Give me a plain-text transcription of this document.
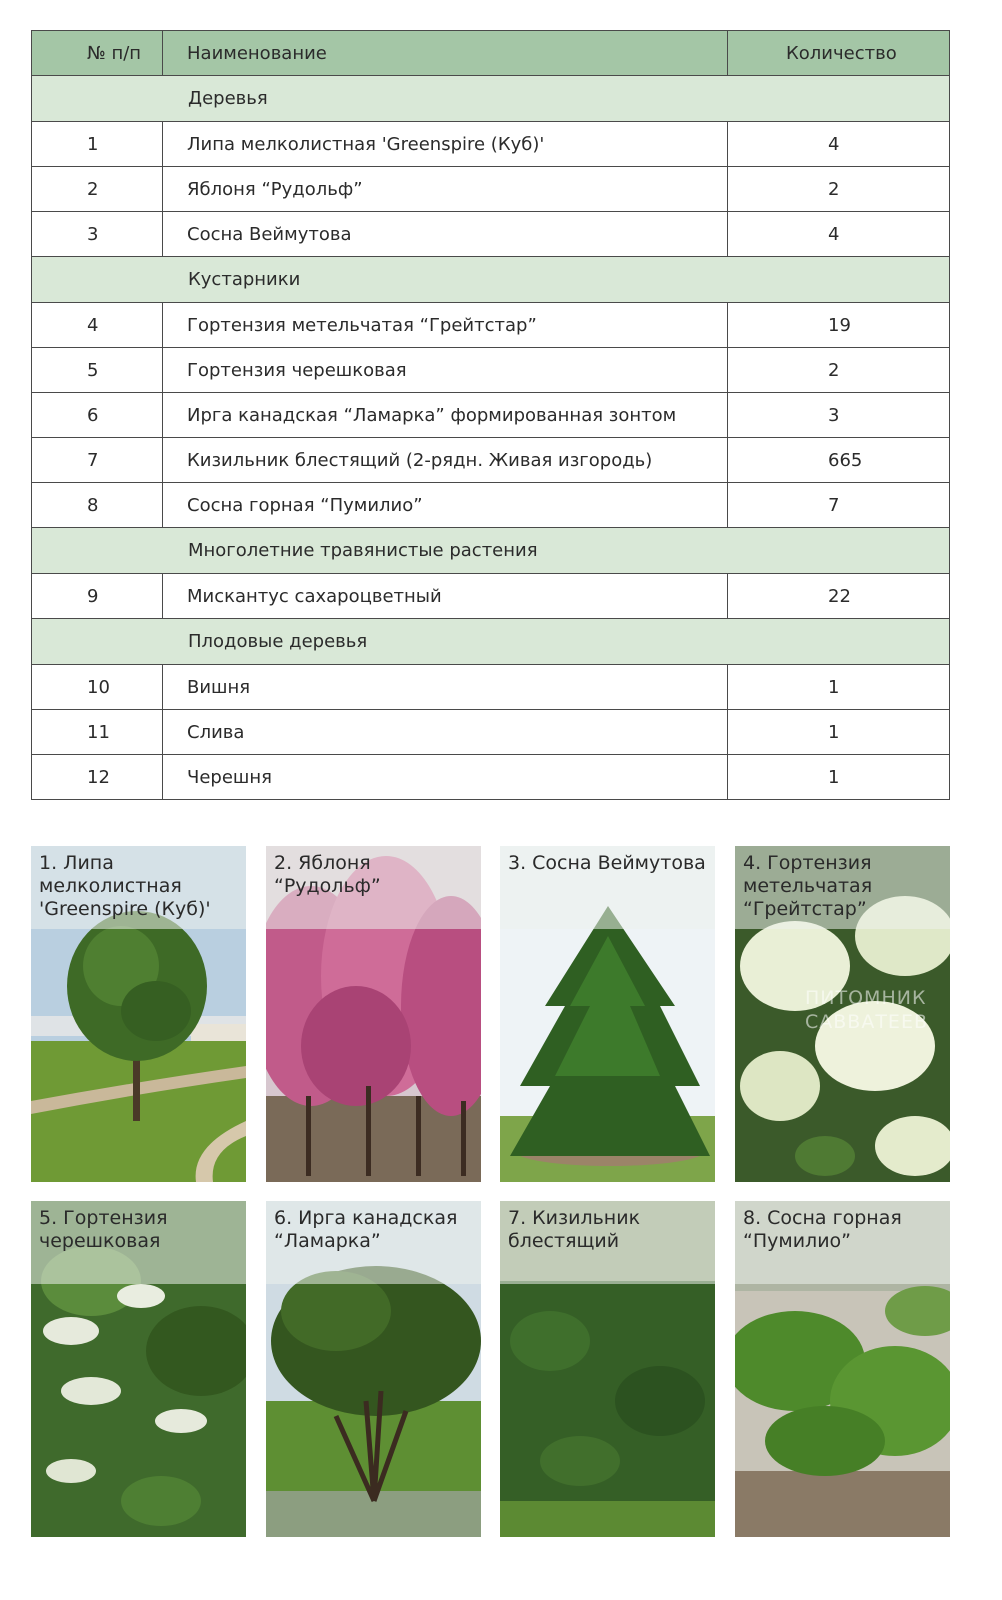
№ п/п	Наименование	Количество
Деревья		
1	Липа мелколистная 'Greenspire (Куб)'	4
2	Яблоня “Рудольф”	2
3	Сосна Веймутова	4
Кустарники		
4	Гортензия метельчатая “Грейтстар”	19
5	Гортензия черешковая	2
6	Ирга канадская “Ламарка” формированная зонтом	3
7	Кизильник блестящий (2-рядн. Живая изгородь)	665
8	Сосна горная “Пумилио”	7
Многолетние травянистые растения		
9	Мискантус сахароцветный	22
Плодовые деревья		
10	Вишня	1
11	Слива	1
12	Черешня	1
1. Липа мелколистная
'Greenspire (Куб)'
2. Яблоня “Рудольф”
3. Сосна Веймутова
ПИТОМНИК
САВВАТЕЕВ
4. Гортензия
метельчатая
“Грейтстар”
5. Гортензия
черешковая
6. Ирга канадская
“Ламарка”
7. Кизильник
блестящий
8. Сосна горная
“Пумилио”
